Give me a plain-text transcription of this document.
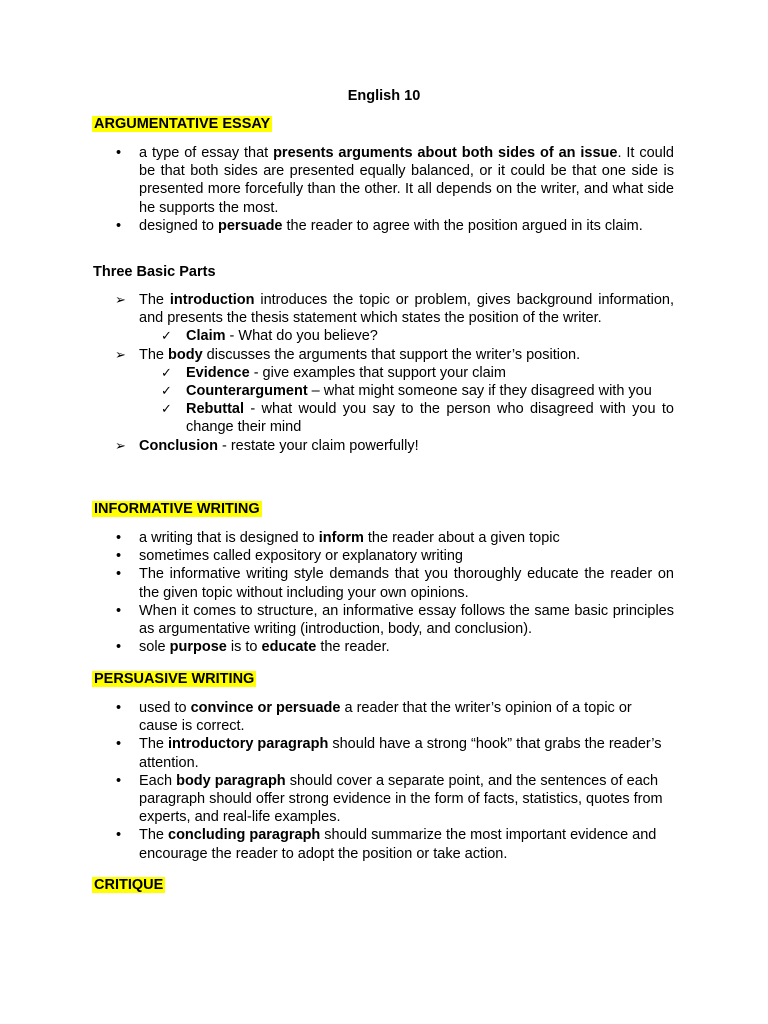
English 10
ARGUMENTATIVE ESSAY
• a type of essay that presents arguments about both sides of an issue. It could be that both sides are presented equally balanced, or it could be that one side is presented more forcefully than the other. It all depends on the writer, and what side he supports the most.
• designed to persuade the reader to agree with the position argued in its claim.
Three Basic Parts
➢ The introduction introduces the topic or problem, gives background information, and presents the thesis statement which states the position of the writer.
✓ Claim - What do you believe?
➢ The body discusses the arguments that support the writer’s position.
✓ Evidence - give examples that support your claim
✓ Counterargument – what might someone say if they disagreed with you
✓ Rebuttal - what would you say to the person who disagreed with you to change their mind
➢ Conclusion - restate your claim powerfully!
INFORMATIVE WRITING
• a writing that is designed to inform the reader about a given topic
• sometimes called expository or explanatory writing
• The informative writing style demands that you thoroughly educate the reader on the given topic without including your own opinions.
• When it comes to structure, an informative essay follows the same basic principles as argumentative writing (introduction, body, and conclusion).
• sole purpose is to educate the reader.
PERSUASIVE WRITING
• used to convince or persuade a reader that the writer’s opinion of a topic or cause is correct.
• The introductory paragraph should have a strong “hook” that grabs the reader’s attention.
• Each body paragraph should cover a separate point, and the sentences of each paragraph should offer strong evidence in the form of facts, statistics, quotes from experts, and real-life examples.
• The concluding paragraph should summarize the most important evidence and encourage the reader to adopt the position or take action.
CRITIQUE
